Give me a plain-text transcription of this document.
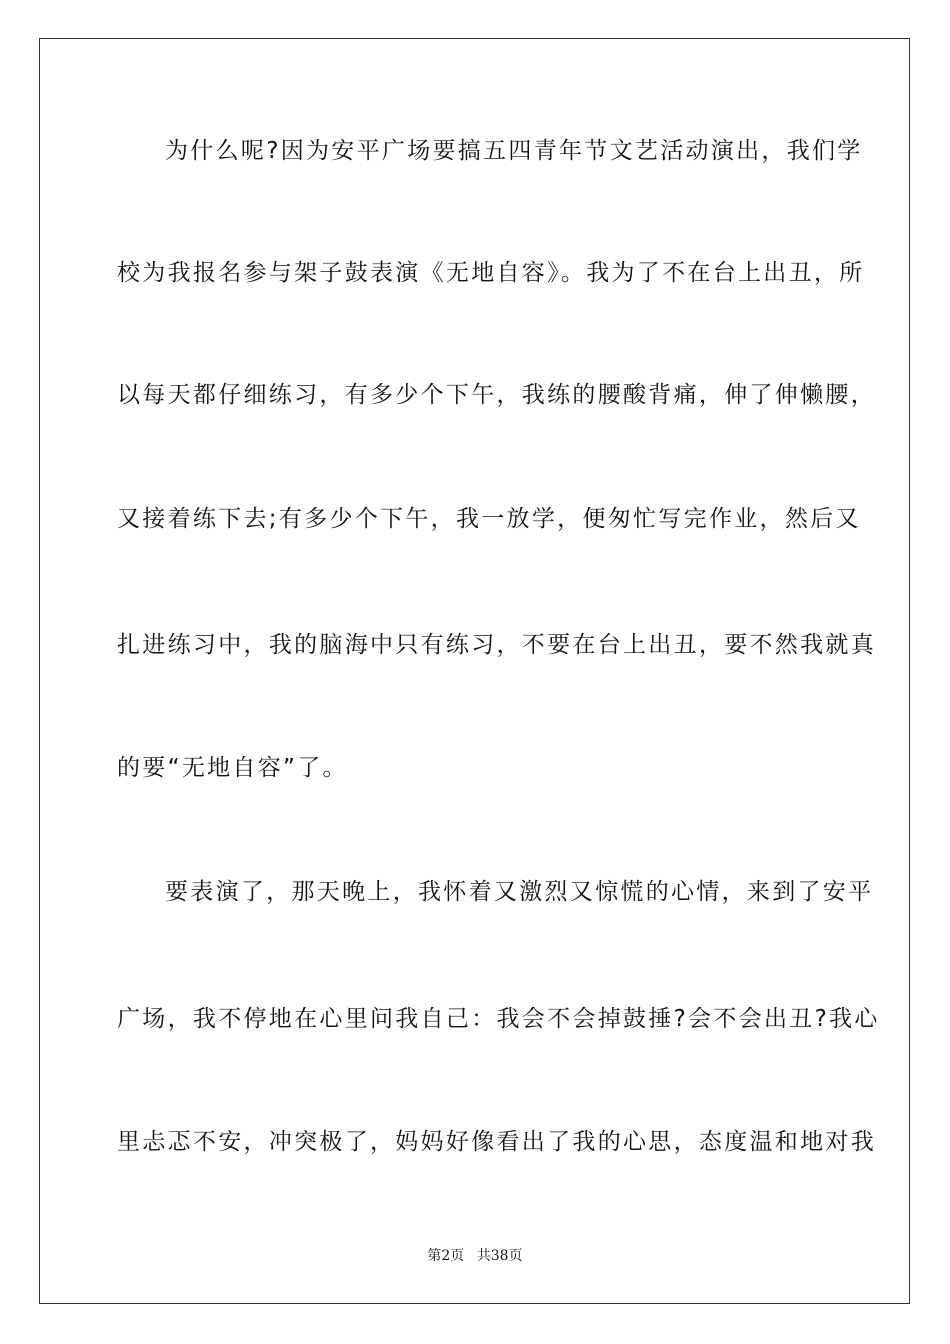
为什么呢?因为安平广场要搞五四青年节文艺活动演出，我们学
校为我报名参与架子鼓表演《无地自容》。我为了不在台上出丑，所
以每天都仔细练习，有多少个下午，我练的腰酸背痛，伸了伸懒腰，
又接着练下去;有多少个下午，我一放学，便匆忙写完作业，然后又
扎进练习中，我的脑海中只有练习，不要在台上出丑，要不然我就真
的要“无地自容”了。
要表演了，那天晚上，我怀着又激烈又惊慌的心情，来到了安平
广场，我不停地在心里问我自己：我会不会掉鼓捶?会不会出丑?我心
里忐忑不安，冲突极了，妈妈好像看出了我的心思，态度温和地对我
第2页 共38页
